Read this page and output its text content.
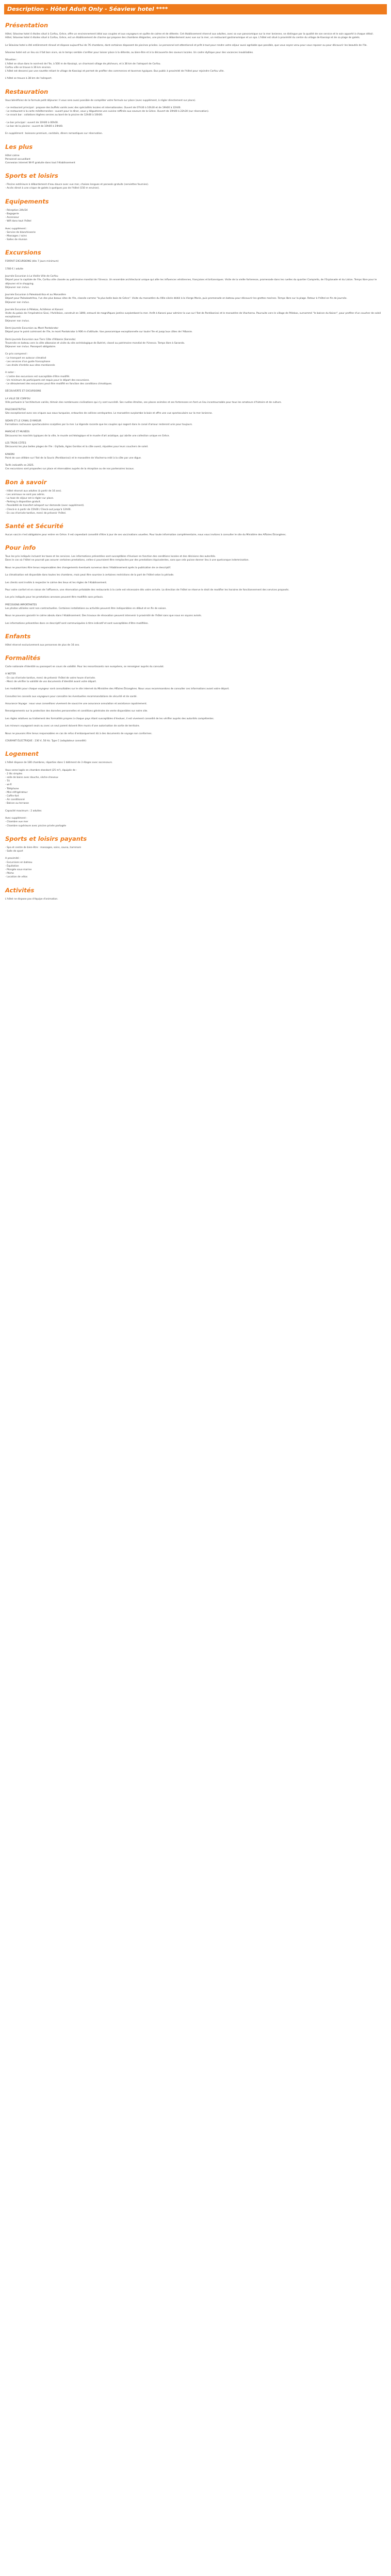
Description - Hôtel Adult Only - Séaview hotel ****
Présentation
Hôtel, Séaview hotel 4 étoiles situé à Corfou, Grèce, offre un environnement idéal aux couples et aux voyageurs en quête de calme et de détente. Cet établissement réservé aux adultes, avec sa vue panoramique sur la mer Ionienne, se distingue par la qualité de son service et le soin apporté à chaque détail.
Hôtel, Séaview hotel 4 étoiles situé à Corfou, Grèce, est un établissement de charme qui propose des chambres élégantes, une piscine à débordement avec vue sur la mer, un restaurant gastronomique et un spa. L'hôtel est situé à proximité du centre du village de Kassiopi et de sa plage de galets.
Le Séaview hotel a été entièrement rénové et dispose aujourd'hui de 76 chambres, dont certaines disposent de piscines privées. Le personnel est attentionné et prêt à tout pour rendre votre séjour aussi agréable que possible, que vous soyez venu pour vous reposer ou pour découvrir les beautés de l'île.
Séaview hotel est un lieu où il fait bon vivre, où le temps semble s'arrêter pour laisser place à la détente, au bien-être et à la découverte des saveurs locales. Un cadre idyllique pour des vacances inoubliables.
Situation :
L'hôtel se situe dans le nord-est de l'île, à 500 m de Kassiopi, un charmant village de pêcheurs, et à 38 km de l'aéroport de Corfou.
Corfou ville se trouve à 36 km environ.
L'hôtel est desservi par une navette reliant le village de Kassiopi et permet de profiter des commerces et tavernes typiques. Bus public à proximité de l'hôtel pour rejoindre Corfou ville.
L'hôtel se trouve à 38 km de l'aéroport.
Restauration
Vous bénéficiez de la formule petit déjeuner. Il vous sera aussi possible de compléter votre formule sur place (avec supplément, à régler directement sur place).
- Le restaurant principal : propose des buffets variés avec des spécialités locales et internationales. Ouvert de 07h30 à 10h30 et de 19h00 à 22h00.
- Le restaurant à la carte méditerranéen : ouvert pour le dîner, vous y dégusterez une cuisine raffinée aux saveurs de la Grèce. Ouvert de 19h00 à 22h30 (sur réservation).
- Le snack bar : collations légères servies au bord de la piscine de 12h00 à 16h00.
- Le bar principal : ouvert de 10h00 à 00h00.
- Le bar de la piscine : ouvert de 10h00 à 19h00.
En supplément : boissons premium, cocktails, dîners romantiques sur réservation.
Les plus
Hôtel calme
Personnel accueillant
Connexion internet Wi-Fi gratuite dans tout l'établissement
Sports et loisirs
- Piscine extérieure à débordement d'eau douce avec vue mer, chaises longues et parasols gratuits (serviettes fournies).
- Accès direct à une crique de galets à quelques pas de l'hôtel (150 m environ).
Equipements
- Réception 24h/24
- Bagagerie
- Ascenseur
- Wifi dans tout l'hôtel
Avec supplément :
- Service de blanchisserie
- Massages / soins
- Salles de réunion
Excursions
FORFAIT EXCURSIONS (dès 7 jours minimum)
1780 € / adulte
Journée Excursion à La Vieille Ville de Corfou
Départ pour la capitale de l'île, Corfou ville classée au patrimoine mondial de l'Unesco. Un ensemble architectural unique qui allie les influences vénitiennes, françaises et britanniques. Visite de la vieille forteresse, promenade dans les ruelles du quartier Campiello, de l'Esplanade et du Liston. Temps libre pour le déjeuner et le shopping.
Déjeuner non inclus.
Journée Excursion à Paleokastritsa et au Monastère
Départ pour Paleokastritsa, l'un des plus beaux sites de l'île, classée comme "la plus belle baie de Grèce". Visite du monastère du XIIIe siècle dédié à la Vierge Marie, puis promenade en bateau pour découvrir les grottes marines. Temps libre sur la plage. Retour à l'hôtel en fin de journée.
Déjeuner non inclus.
Journée Excursion à Pélekas, Achilleion et Kanoni
Visite du palais de l'impératrice Sissi, l'Achilleion, construit en 1890, entouré de magnifiques jardins surplombant la mer. Arrêt à Kanoni pour admirer la vue sur l'îlot de Pontikonissi et le monastère de Vlacherna. Poursuite vers le village de Pélekas, surnommé "le balcon du Kaiser", pour profiter d'un coucher de soleil exceptionnel.
Déjeuner non inclus.
Demi-journée Excursion au Mont Pantokrator
Départ pour le point culminant de l'île, le mont Pantokrator à 906 m d'altitude. Vue panoramique exceptionnelle sur toute l'île et jusqu'aux côtes de l'Albanie.
Demi-journée Excursion aux Tiers Côte d'Albanie (Saranda)
Traversée en bateau vers la côte albanaise et visite du site archéologique de Butrint, classé au patrimoine mondial de l'Unesco. Temps libre à Saranda.
Déjeuner non inclus. Passeport obligatoire.
Ce prix comprend :
- Le transport en autocar climatisé
- Les services d'un guide francophone
- Les droits d'entrée aux sites mentionnés
A noter :
- L'ordre des excursions est susceptible d'être modifié.
- Un minimum de participants est requis pour le départ des excursions.
- Le déroulement des excursions peut être modifié en fonction des conditions climatiques.
DÉCOUVERTE ET EXCURSIONS
LA VILLE DE CORFOU
Ville portuaire à l'architecture variée, témoin des nombreuses civilisations qui s'y sont succédé. Ses ruelles étroites, ses places animées et ses forteresses en font un lieu incontournable pour tous les amateurs d'histoire et de culture.
PALEOKASTRITSA
Site exceptionnel avec ses criques aux eaux turquoise, entourées de collines verdoyantes. Le monastère surplombe la baie et offre une vue spectaculaire sur la mer Ionienne.
SIDARI ET LE CANAL D'AMOUR
Formations rocheuses spectaculaires sculptées par la mer. La légende raconte que les couples qui nagent dans le canal d'amour resteront unis pour toujours.
MARCHÉ ET MUSÉES
Découvrez les marchés typiques de la ville, le musée archéologique et le musée d'art asiatique, qui abrite une collection unique en Grèce.
LES TROIS CÔTES
Découvrez les plus belles plages de l'île : Glyfada, Agios Gordios et la côte ouest, réputées pour leurs couchers de soleil.
KANONI
Point de vue célèbre sur l'îlot de la Souris (Pontikonissi) et le monastère de Vlacherna relié à la côte par une digue.
Tarifs indicatifs en 2025.
Ces excursions sont proposées sur place et réservables auprès de la réception ou de nos partenaires locaux.
Bon à savoir
- Hôtel réservé aux adultes (à partir de 16 ans).
- Les animaux ne sont pas admis.
- La taxe de séjour est à régler sur place.
- Parking à disposition gratuit.
- Possibilité de transfert aéroport sur demande (avec supplément).
- Check-in à partir de 15h00 / Check-out jusqu'à 12h00.
- En cas d'arrivée tardive, merci de prévenir l'hôtel.
Santé et Sécurité
Aucun vaccin n'est obligatoire pour entrer en Grèce. Il est cependant conseillé d'être à jour de ses vaccinations usuelles. Pour toute information complémentaire, nous vous invitons à consulter le site du Ministère des Affaires Étrangères.
Pour info
Tous les prix indiqués incluent les taxes et les services. Les informations présentées sont susceptibles d'évoluer en fonction des conditions locales et des décisions des autorités.
Dans le cas où l'hôtel ne pourrait pas assurer certaines prestations, celles-ci pourraient être remplacées par des prestations équivalentes, sans que cela puisse donner lieu à une quelconque indemnisation.
Nous ne pourrions être tenus responsables des changements éventuels survenus dans l'établissement après la publication de ce descriptif.
La climatisation est disponible dans toutes les chambres, mais peut être soumise à certaines restrictions de la part de l'hôtel selon la période.
Les clients sont invités à respecter le calme des lieux et les règles de l'établissement.
Pour votre confort et en raison de l'affluence, une réservation préalable des restaurants à la carte est nécessaire dès votre arrivée. La direction de l'hôtel se réserve le droit de modifier les horaires de fonctionnement des services proposés.
Les prix indiqués pour les prestations annexes peuvent être modifiés sans préavis.
PRÉCISIONS IMPORTANTES
Les photos utilisées sont non contractuelles. Certaines installations ou activités peuvent être indisponibles en début et en fin de saison.
Nous ne pouvons garantir le calme absolu dans l'établissement. Des travaux de rénovation peuvent intervenir à proximité de l'hôtel sans que nous en soyons avisés.
Les informations présentées dans ce descriptif sont communiquées à titre indicatif et sont susceptibles d'être modifiées.
Enfants
Hôtel réservé exclusivement aux personnes de plus de 16 ans.
Formalités
Carte nationale d'identité ou passeport en cours de validité. Pour les ressortissants non européens, se renseigner auprès du consulat.
A NOTER
- En cas d'arrivée tardive, merci de prévenir l'hôtel de votre heure d'arrivée.
- Merci de vérifier la validité de vos documents d'identité avant votre départ.
Les modalités pour chaque voyageur sont consultables sur le site internet du Ministère des Affaires Étrangères. Nous vous recommandons de consulter ces informations avant votre départ.
Consultez les conseils aux voyageurs pour connaître les éventuelles recommandations de sécurité et de santé.
Assurance Voyage : nous vous conseillons vivement de souscrire une assurance annulation et assistance rapatriement.
Renseignements sur la protection des données personnelles et conditions générales de vente disponibles sur notre site.
Les règles relatives au traitement des formalités propres à chaque pays étant susceptibles d'évoluer, il est vivement conseillé de les vérifier auprès des autorités compétentes.
Les mineurs voyageant seuls ou avec un seul parent doivent être munis d'une autorisation de sortie de territoire.
Nous ne pouvons être tenus responsables en cas de refus d'embarquement dû à des documents de voyage non conformes.
COURANT ÉLECTRIQUE : 230 V, 50 Hz. Type C (adaptateur conseillé)
Logement
L'hôtel dispose de 180 chambres, réparties dans 1 bâtiment de 3 étages avec ascenseurs.
Vous serez logés en chambre standard (25 m²), équipée de :
- 2 lits simples
- salle de bains avec douche, sèche-cheveux
- TV
- wi-fi
- Téléphone
- Mini-réfrigérateur
- Coffre-fort
- Air conditionné
- Balcon ou terrasse
Capacité maximum : 2 adultes
Avec supplément :
- Chambre vue mer
- Chambre supérieure avec piscine privée partagée
Sports et loisirs payants
- Spa et centre de bien-être : massages, soins, sauna, hammam
- Salle de sport
A proximité :
- Excursions en bateau
- Équitation
- Plongée sous-marine
- Pêche
- Location de vélos
Activités
L'hôtel ne dispose pas d'équipe d'animation.
